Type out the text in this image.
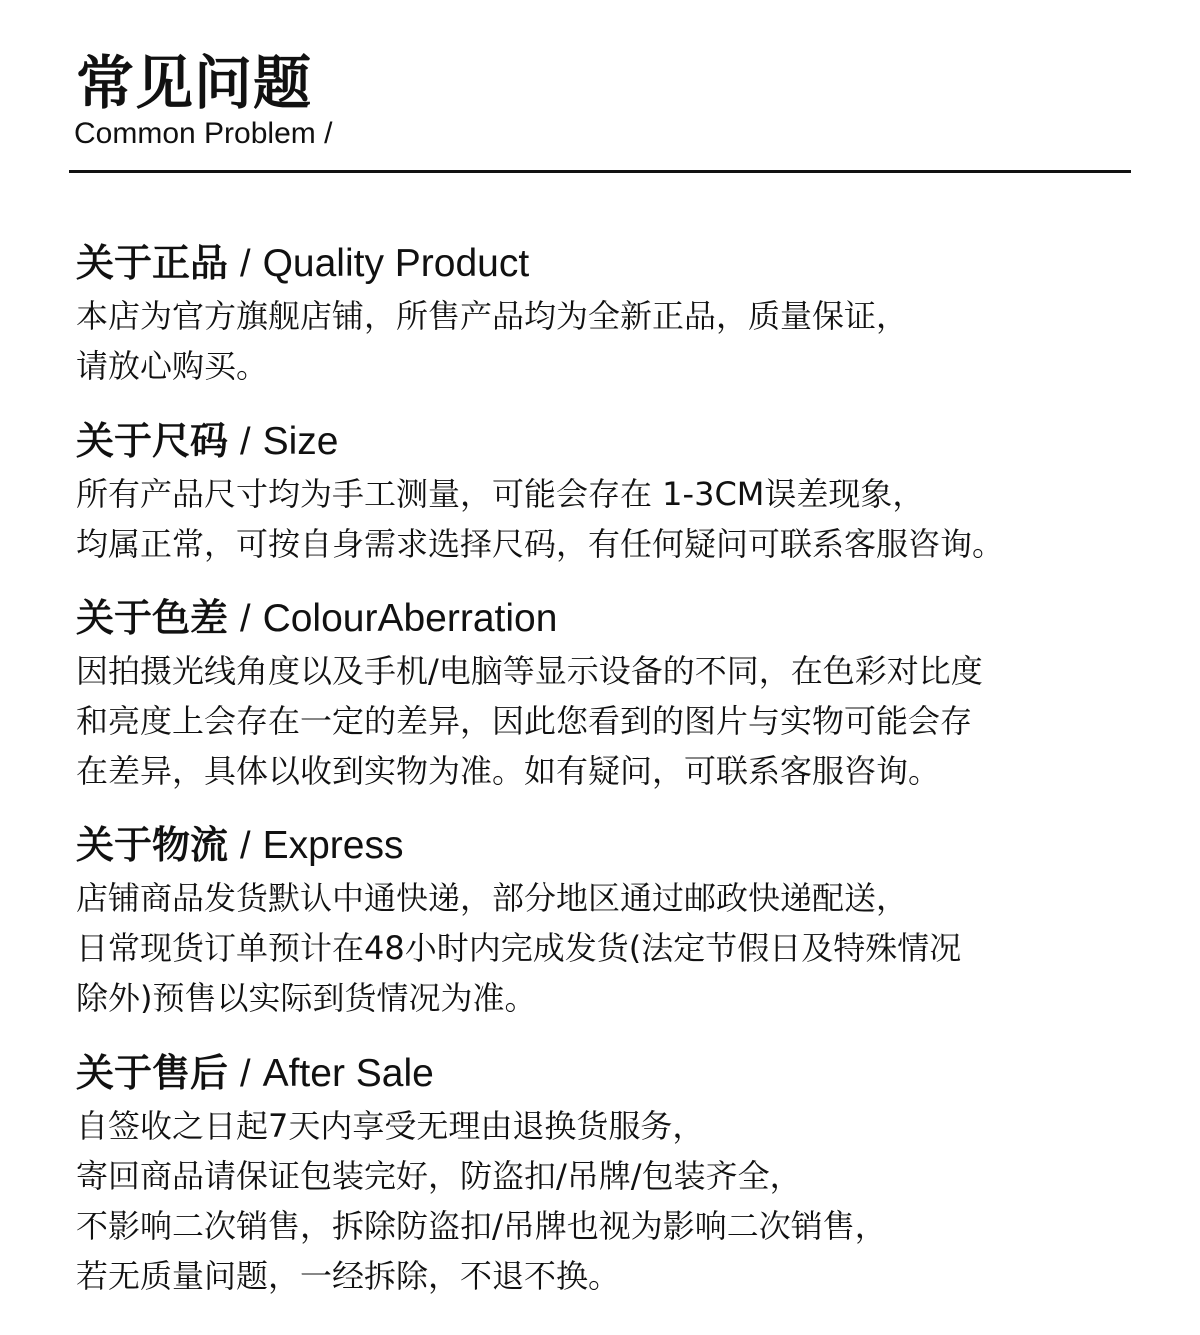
常见问题
Common Problem /
关于正品 / Quality Product
本店为官方旗舰店铺，所售产品均为全新正品，质量保证，
请放心购买。
关于尺码 / Size
所有产品尺寸均为手工测量，可能会存在 1-3CM误差现象，
均属正常，可按自身需求选择尺码，有任何疑问可联系客服咨询。
关于色差 / ColourAberration
因拍摄光线角度以及手机/电脑等显示设备的不同，在色彩对比度
和亮度上会存在一定的差异，因此您看到的图片与实物可能会存
在差异，具体以收到实物为准。如有疑问，可联系客服咨询。
关于物流 / Express
店铺商品发货默认中通快递，部分地区通过邮政快递配送，
日常现货订单预计在48小时内完成发货(法定节假日及特殊情况
除外)预售以实际到货情况为准。
关于售后 / After Sale
自签收之日起7天内享受无理由退换货服务，
寄回商品请保证包装完好，防盗扣/吊牌/包装齐全，
不影响二次销售，拆除防盗扣/吊牌也视为影响二次销售，
若无质量问题，一经拆除，不退不换。
